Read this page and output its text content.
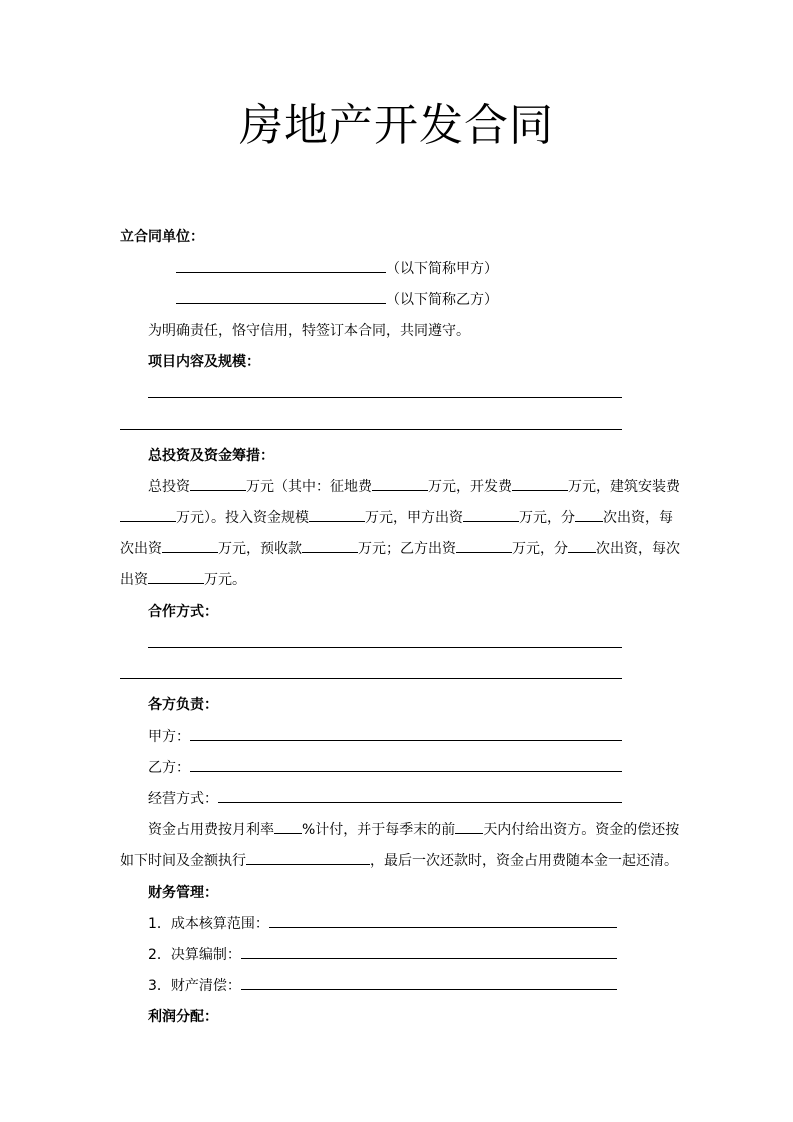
房地产开发合同
立合同单位：
（以下简称甲方）
（以下简称乙方）
为明确责任，恪守信用，特签订本合同，共同遵守。
项目内容及规模：
总投资及资金筹措：
总投资	万元（其中：征地费	万元，开发费	万元，建筑安装费
万元）。投入资金规模	万元，甲方出资	万元，分 次出资，每
次出资	万元，预收款	万元；乙方出资	万元，分 次出资，每次
出资	万元。
合作方式：
各方负责：
甲方：
乙方：
经营方式：
资金占用费按月利率 %计付，并于每季末的前 天内付给出资方。资金的偿还按
如下时间及金额执行	，最后一次还款时，资金占用费随本金一起还清。
财务管理：
1．成本核算范围：
2．决算编制：
3．财产清偿：
利润分配：
